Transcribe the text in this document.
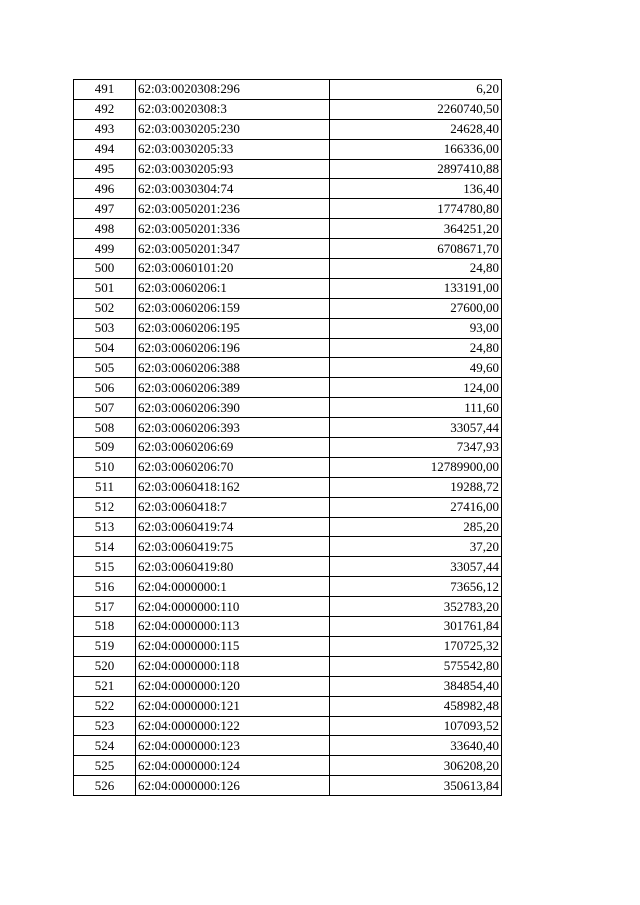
491	62:03:0020308:296	6,20
492	62:03:0020308:3	2260740,50
493	62:03:0030205:230	24628,40
494	62:03:0030205:33	166336,00
495	62:03:0030205:93	2897410,88
496	62:03:0030304:74	136,40
497	62:03:0050201:236	1774780,80
498	62:03:0050201:336	364251,20
499	62:03:0050201:347	6708671,70
500	62:03:0060101:20	24,80
501	62:03:0060206:1	133191,00
502	62:03:0060206:159	27600,00
503	62:03:0060206:195	93,00
504	62:03:0060206:196	24,80
505	62:03:0060206:388	49,60
506	62:03:0060206:389	124,00
507	62:03:0060206:390	111,60
508	62:03:0060206:393	33057,44
509	62:03:0060206:69	7347,93
510	62:03:0060206:70	12789900,00
511	62:03:0060418:162	19288,72
512	62:03:0060418:7	27416,00
513	62:03:0060419:74	285,20
514	62:03:0060419:75	37,20
515	62:03:0060419:80	33057,44
516	62:04:0000000:1	73656,12
517	62:04:0000000:110	352783,20
518	62:04:0000000:113	301761,84
519	62:04:0000000:115	170725,32
520	62:04:0000000:118	575542,80
521	62:04:0000000:120	384854,40
522	62:04:0000000:121	458982,48
523	62:04:0000000:122	107093,52
524	62:04:0000000:123	33640,40
525	62:04:0000000:124	306208,20
526	62:04:0000000:126	350613,84
